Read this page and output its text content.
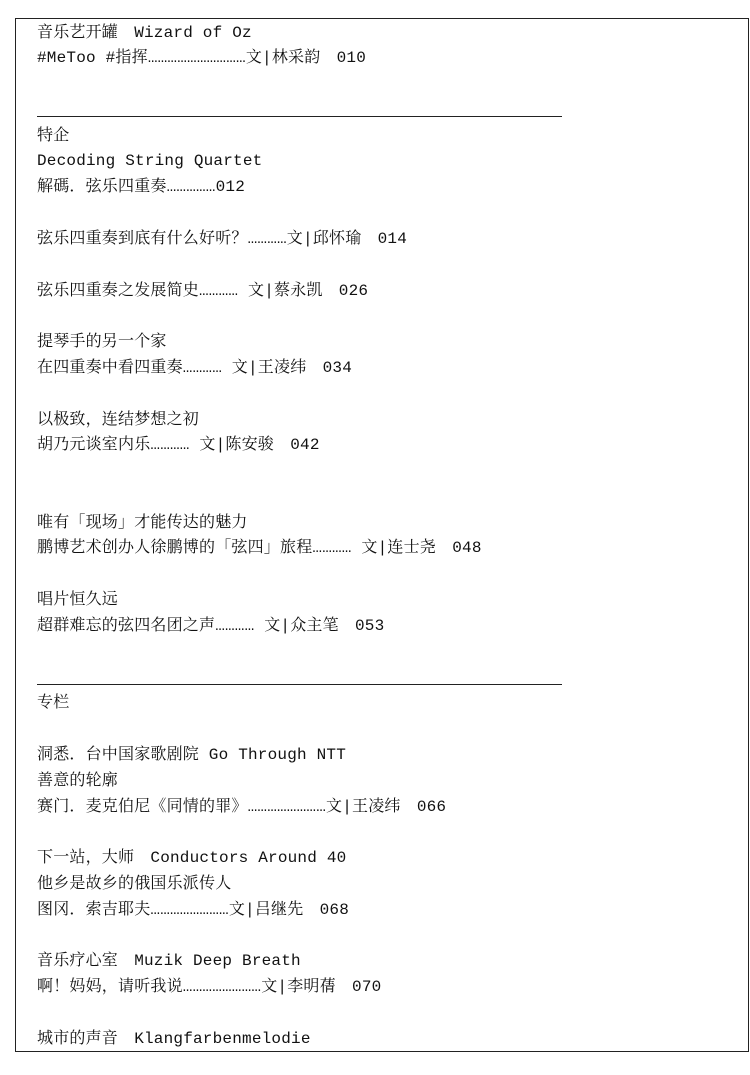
音乐艺开罐　Wizard of Oz
#MeToo #指挥…………………………文|林采韵　010
特企
Decoding String Quartet
解碼．弦乐四重奏……………012
弦乐四重奏到底有什么好听？…………文|邱怀瑜　014
弦乐四重奏之发展简史………… 文|蔡永凯　026
提琴手的另一个家
在四重奏中看四重奏………… 文|王凌纬　034
以极致，连结梦想之初
胡乃元谈室内乐………… 文|陈安骏　042
唯有「现场」才能传达的魅力
鹏博艺术创办人徐鹏博的「弦四」旅程………… 文|连士尧　048
唱片恒久远
超群难忘的弦四名团之声………… 文|众主笔　053
专栏
洞悉．台中国家歌剧院 Go Through NTT
善意的轮廓
赛门．麦克伯尼《同情的罪》……………………文|王凌纬　066
下一站，大师　Conductors Around 40
他乡是故乡的俄国乐派传人
图冈．索吉耶夫……………………文|吕继先　068
音乐疗心室　Muzik Deep Breath
啊！妈妈，请听我说……………………文|李明蒨　070
城市的声音　Klangfarbenmelodie
